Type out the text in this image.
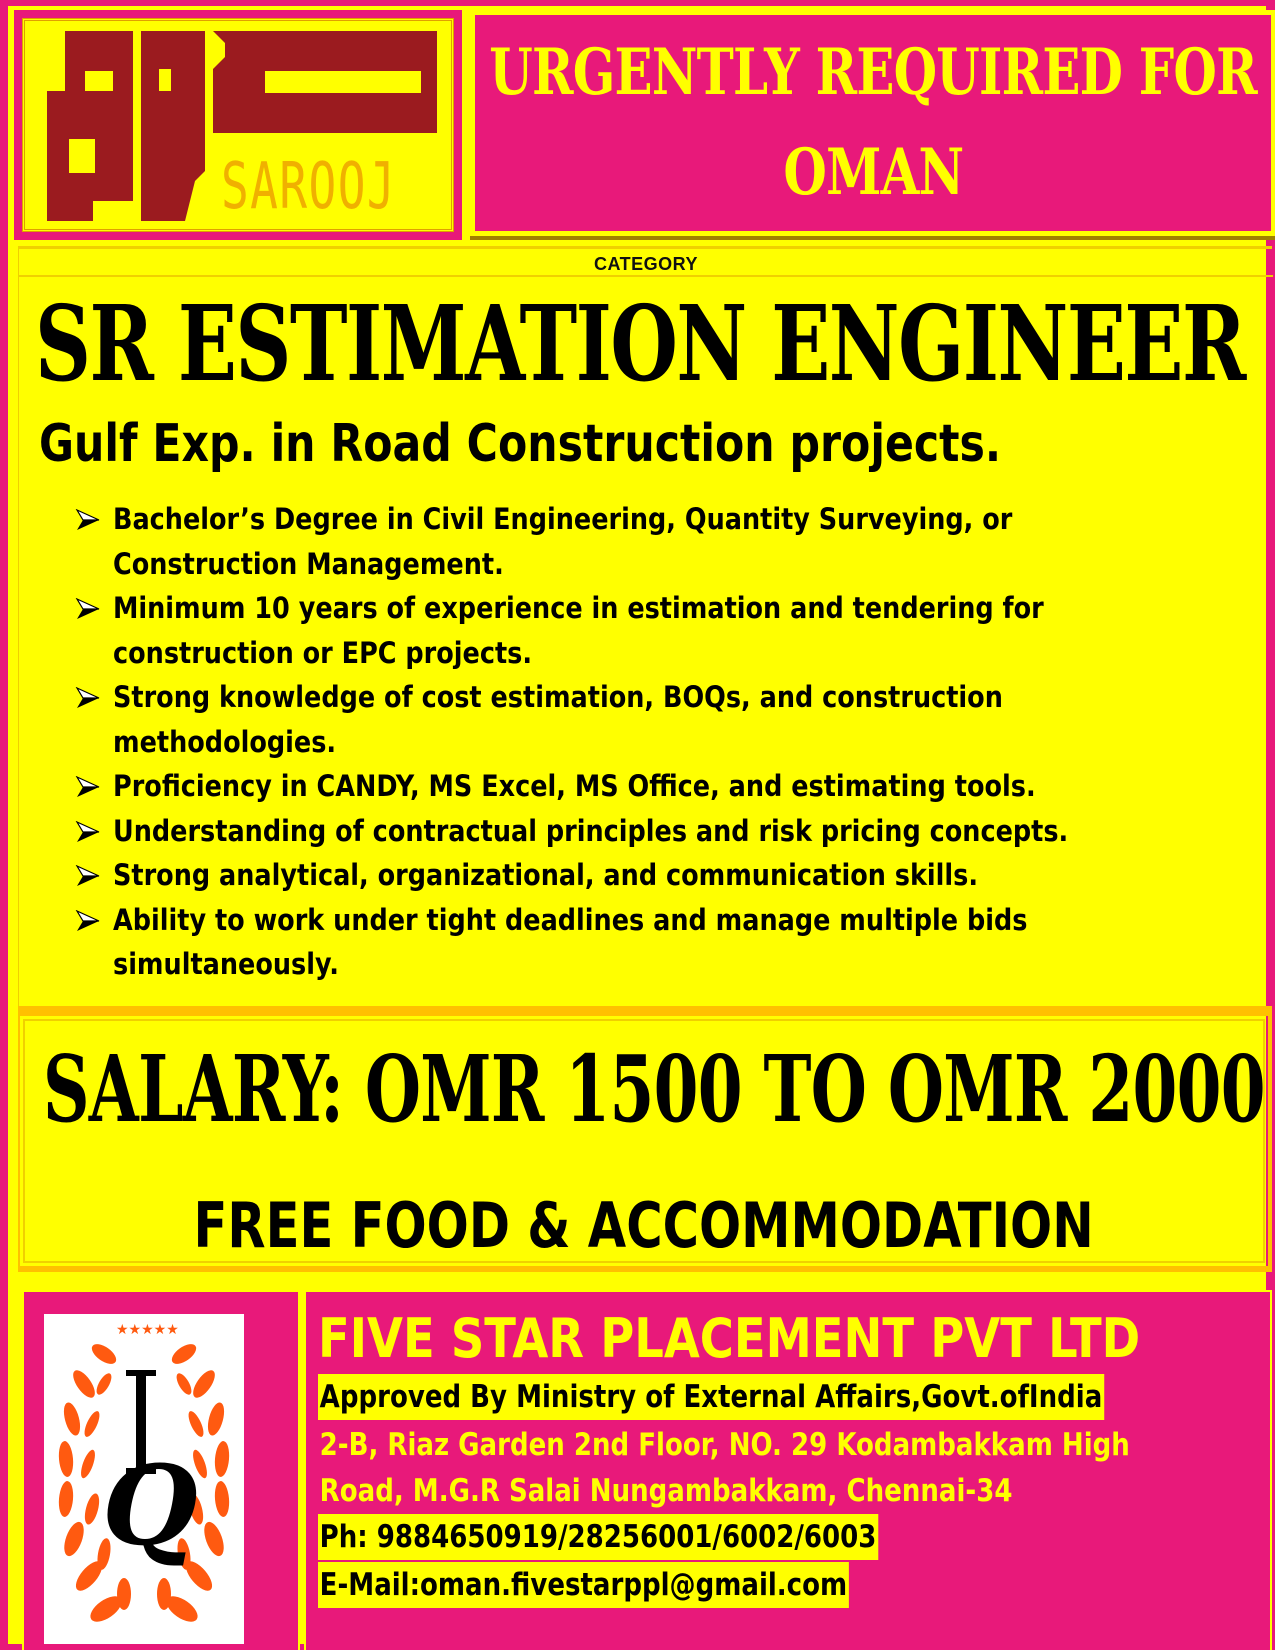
SAROOJ
URGENTLY REQUIRED FOR
OMAN
CATEGORY
SR ESTIMATION ENGINEER
Gulf Exp. in Road Construction projects.
Bachelor’s Degree in Civil Engineering, Quantity Surveying, or Construction Management.
Minimum 10 years of experience in estimation and tendering for construction or EPC projects.
Strong knowledge of cost estimation, BOQs, and construction methodologies.
Proficiency in CANDY, MS Excel, MS Office, and estimating tools.
Understanding of contractual principles and risk pricing concepts.
Strong analytical, organizational, and communication skills.
Ability to work under tight deadlines and manage multiple bids simultaneously.
SALARY: OMR 1500 TO OMR 2000
FREE FOOD & ACCOMMODATION
★★★★★
Q
FIVE STAR PLACEMENT PVT LTD
Approved By Ministry of External Affairs,Govt.ofIndia
2-B, Riaz Garden 2nd Floor, NO. 29 Kodambakkam High
Road, M.G.R Salai Nungambakkam, Chennai-34
Ph: 9884650919/28256001/6002/6003
E-Mail:oman.fivestarppl@gmail.com
